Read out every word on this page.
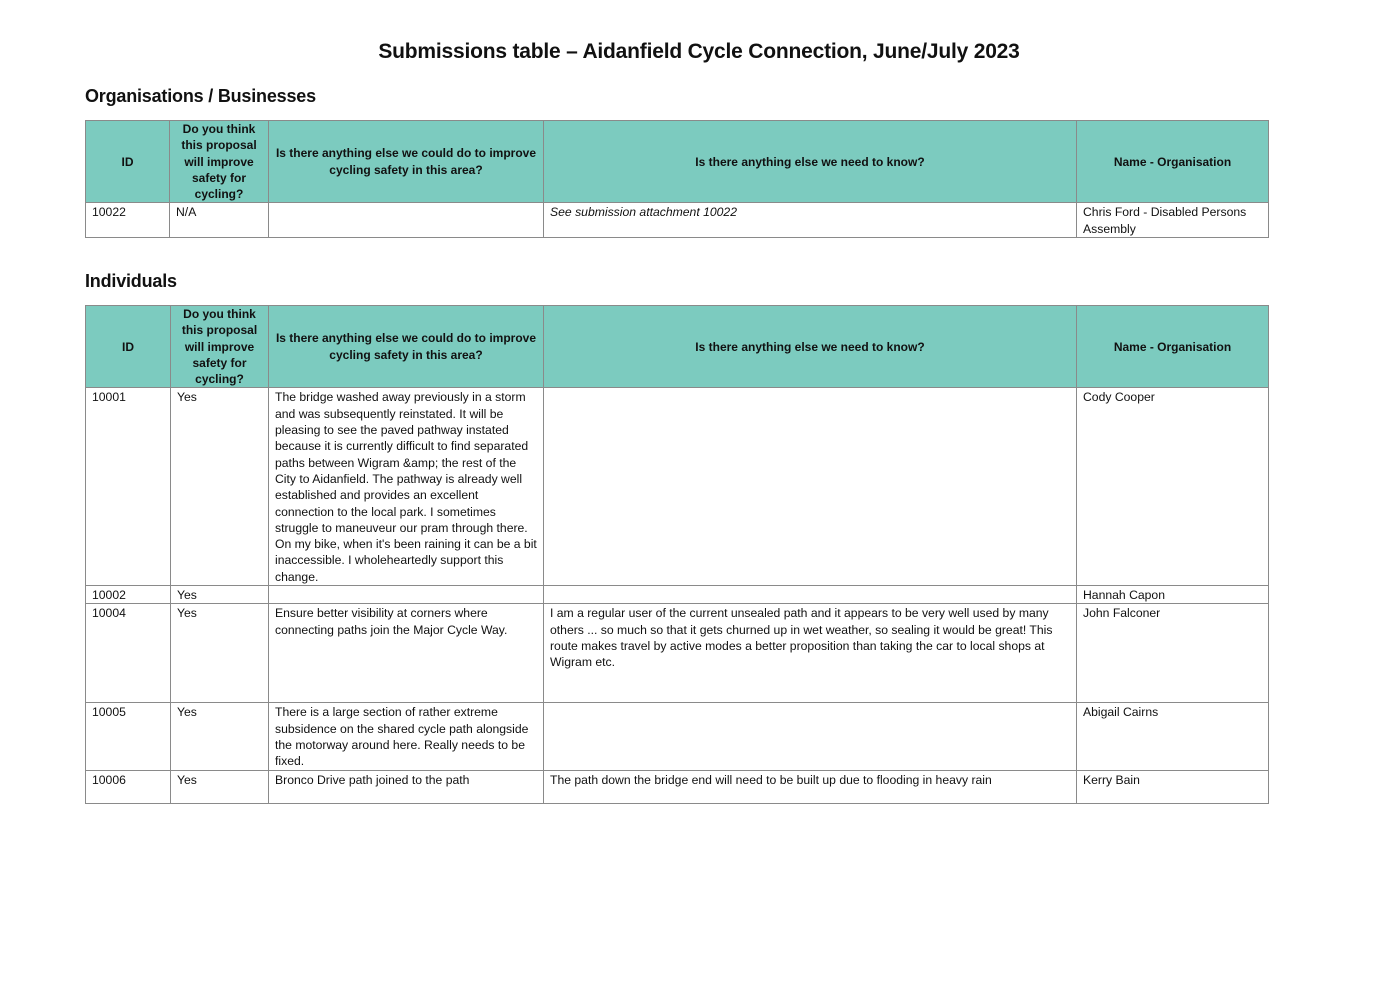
Submissions table – Aidanfield Cycle Connection, June/July 2023
Organisations / Businesses
ID	Do you think this proposal will improve safety for cycling?	Is there anything else we could do to improve cycling safety in this area?	Is there anything else we need to know?	Name - Organisation
10022	N/A		See submission attachment 10022	Chris Ford - Disabled Persons Assembly
Individuals
ID	Do you think this proposal will improve safety for cycling?	Is there anything else we could do to improve cycling safety in this area?	Is there anything else we need to know?	Name - Organisation
10001	Yes	The bridge washed away previously in a storm and was subsequently reinstated. It will be pleasing to see the paved pathway instated because it is currently difficult to find separated paths between Wigram &amp; the rest of the City to Aidanfield. The pathway is already well established and provides an excellent connection to the local park. I sometimes struggle to maneuveur our pram through there. On my bike, when it's been raining it can be a bit inaccessible. I wholeheartedly support this change.		Cody Cooper
10002	Yes			Hannah Capon
10004	Yes	Ensure better visibility at corners where connecting paths join the Major Cycle Way.	I am a regular user of the current unsealed path and it appears to be very well used by many others ... so much so that it gets churned up in wet weather, so sealing it would be great! This route makes travel by active modes a better proposition than taking the car to local shops at Wigram etc.	John Falconer
10005	Yes	There is a large section of rather extreme subsidence on the shared cycle path alongside the motorway around here. Really needs to be fixed.		Abigail Cairns
10006	Yes	Bronco Drive path joined to the path	The path down the bridge end will need to be built up due to flooding in heavy rain	Kerry Bain
